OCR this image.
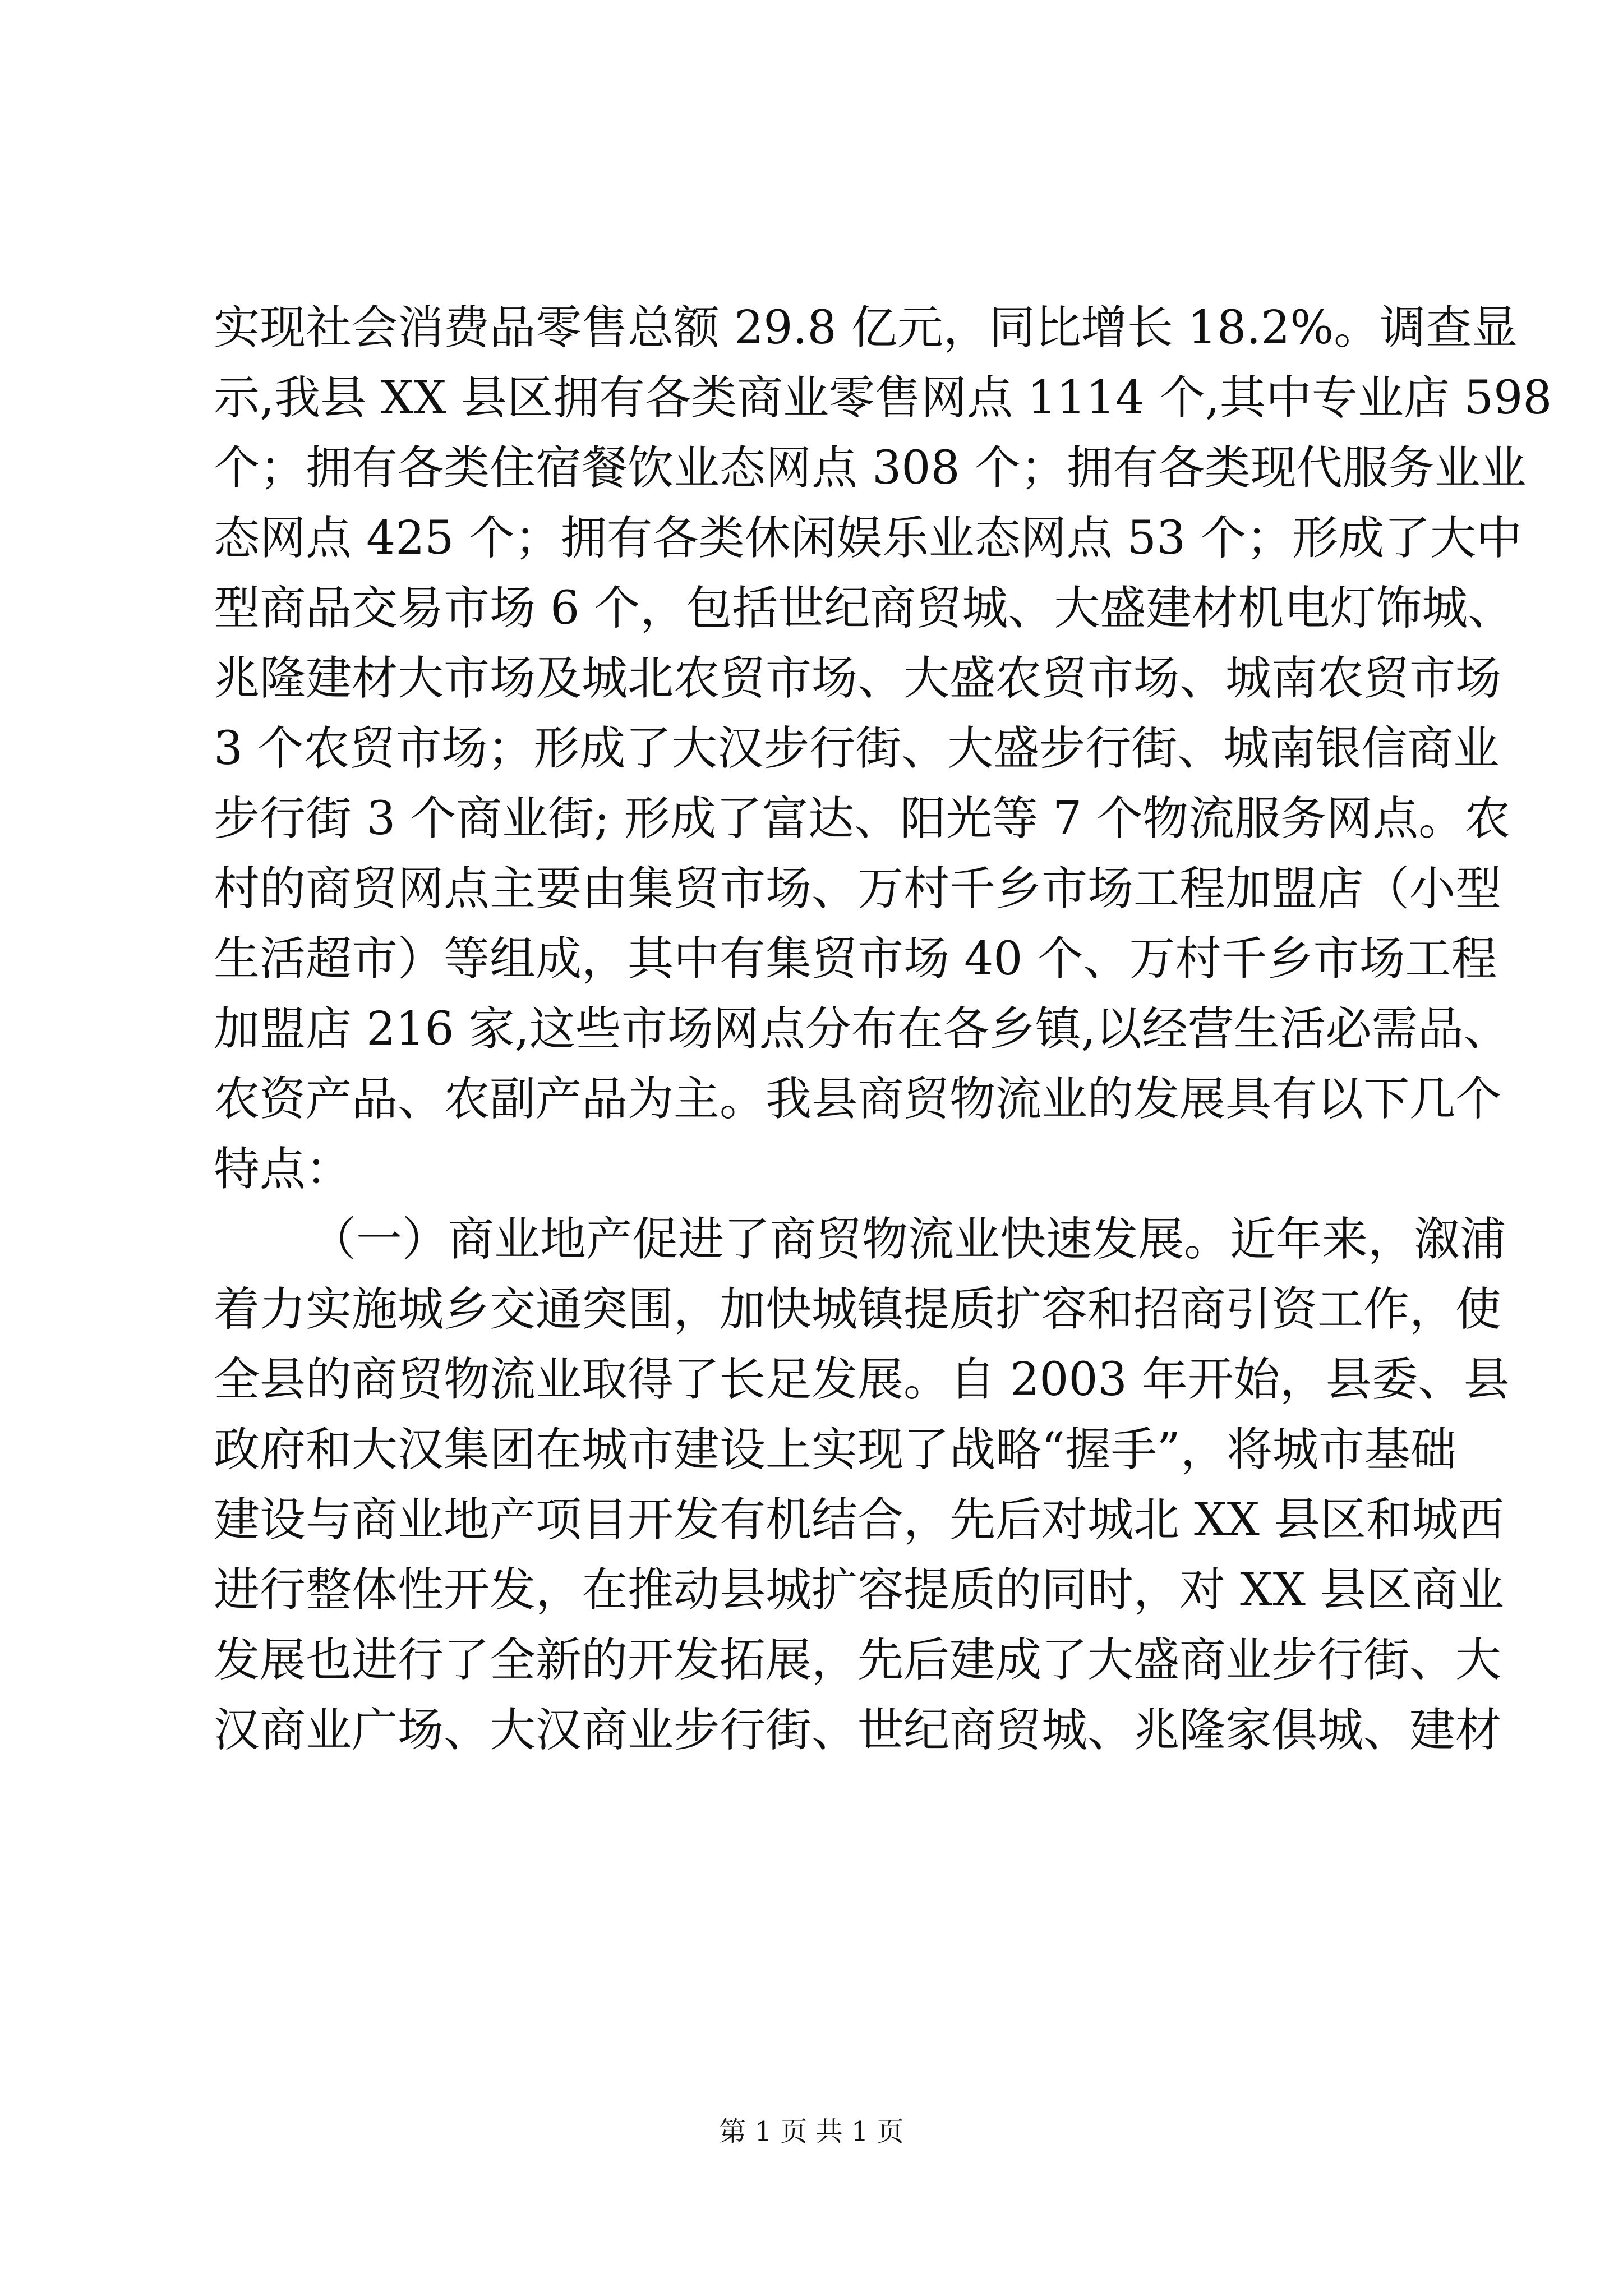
实现社会消费品零售总额 29.8 亿元，同比增长 18.2%。调查显
示,我县 XX 县区拥有各类商业零售网点 1114 个,其中专业店 598
个；拥有各类住宿餐饮业态网点 308 个；拥有各类现代服务业业
态网点 425 个；拥有各类休闲娱乐业态网点 53 个；形成了大中
型商品交易市场 6 个，包括世纪商贸城、大盛建材机电灯饰城、
兆隆建材大市场及城北农贸市场、大盛农贸市场、城南农贸市场
3 个农贸市场；形成了大汉步行街、大盛步行街、城南银信商业
步行街 3 个商业街; 形成了富达、阳光等 7 个物流服务网点。农
村的商贸网点主要由集贸市场、万村千乡市场工程加盟店（小型
生活超市）等组成，其中有集贸市场 40 个、万村千乡市场工程
加盟店 216 家,这些市场网点分布在各乡镇,以经营生活必需品、
农资产品、农副产品为主。我县商贸物流业的发展具有以下几个
特点：
（一）商业地产促进了商贸物流业快速发展。近年来，溆浦
着力实施城乡交通突围，加快城镇提质扩容和招商引资工作，使
全县的商贸物流业取得了长足发展。自 2003 年开始，县委、县
政府和大汉集团在城市建设上实现了战略“握手”，将城市基础
建设与商业地产项目开发有机结合，先后对城北 XX 县区和城西
进行整体性开发，在推动县城扩容提质的同时，对 XX 县区商业
发展也进行了全新的开发拓展，先后建成了大盛商业步行街、大
汉商业广场、大汉商业步行街、世纪商贸城、兆隆家俱城、建材
第 1 页 共 1 页
